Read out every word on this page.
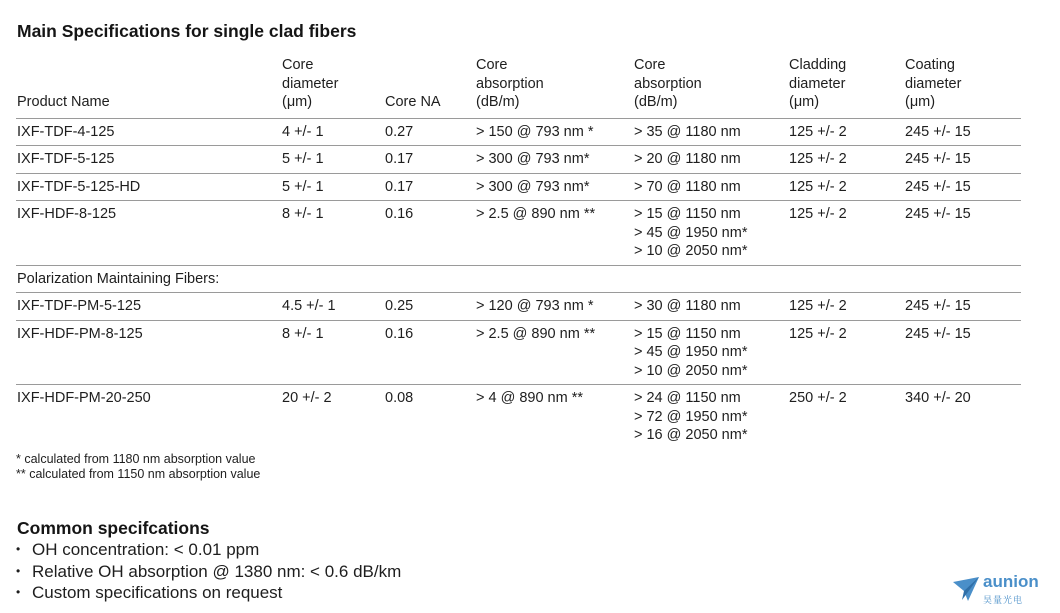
Main Specifications for single clad fibers
Product Name	Core
diameter
(μm)	Core NA	Core
absorption
(dB/m)	Core
absorption
(dB/m)	Cladding
diameter
(μm)	Coating
diameter
(μm)
IXF-TDF-4-125	4 +/- 1	0.27	> 150 @ 793 nm *	> 35 @ 1180 nm	125 +/- 2	245 +/- 15
IXF-TDF-5-125	5 +/- 1	0.17	> 300 @ 793 nm*	> 20 @ 1180 nm	125 +/- 2	245 +/- 15
IXF-TDF-5-125-HD	5 +/- 1	0.17	> 300 @ 793 nm*	> 70 @ 1180 nm	125 +/- 2	245 +/- 15
IXF-HDF-8-125	8 +/- 1	0.16	> 2.5 @ 890 nm **	> 15 @ 1150 nm
> 45 @ 1950 nm*
> 10 @ 2050 nm*	125 +/- 2	245 +/- 15
Polarization Maintaining Fibers:						
IXF-TDF-PM-5-125	4.5 +/- 1	0.25	> 120 @ 793 nm *	> 30 @ 1180 nm	125 +/- 2	245 +/- 15
IXF-HDF-PM-8-125	8 +/- 1	0.16	> 2.5 @ 890 nm **	> 15 @ 1150 nm
> 45 @ 1950 nm*
> 10 @ 2050 nm*	125 +/- 2	245 +/- 15
IXF-HDF-PM-20-250	20 +/- 2	0.08	> 4 @ 890 nm **	> 24 @ 1150 nm
> 72 @ 1950 nm*
> 16 @ 2050 nm*	250 +/- 2	340 +/- 20
* calculated from 1180 nm absorption value
** calculated from 1150 nm absorption value
Common specifcations
• OH concentration: < 0.01 ppm
• Relative OH absorption @ 1380 nm: < 0.6 dB/km
• Custom specifications on request
aunion
昊量光电
